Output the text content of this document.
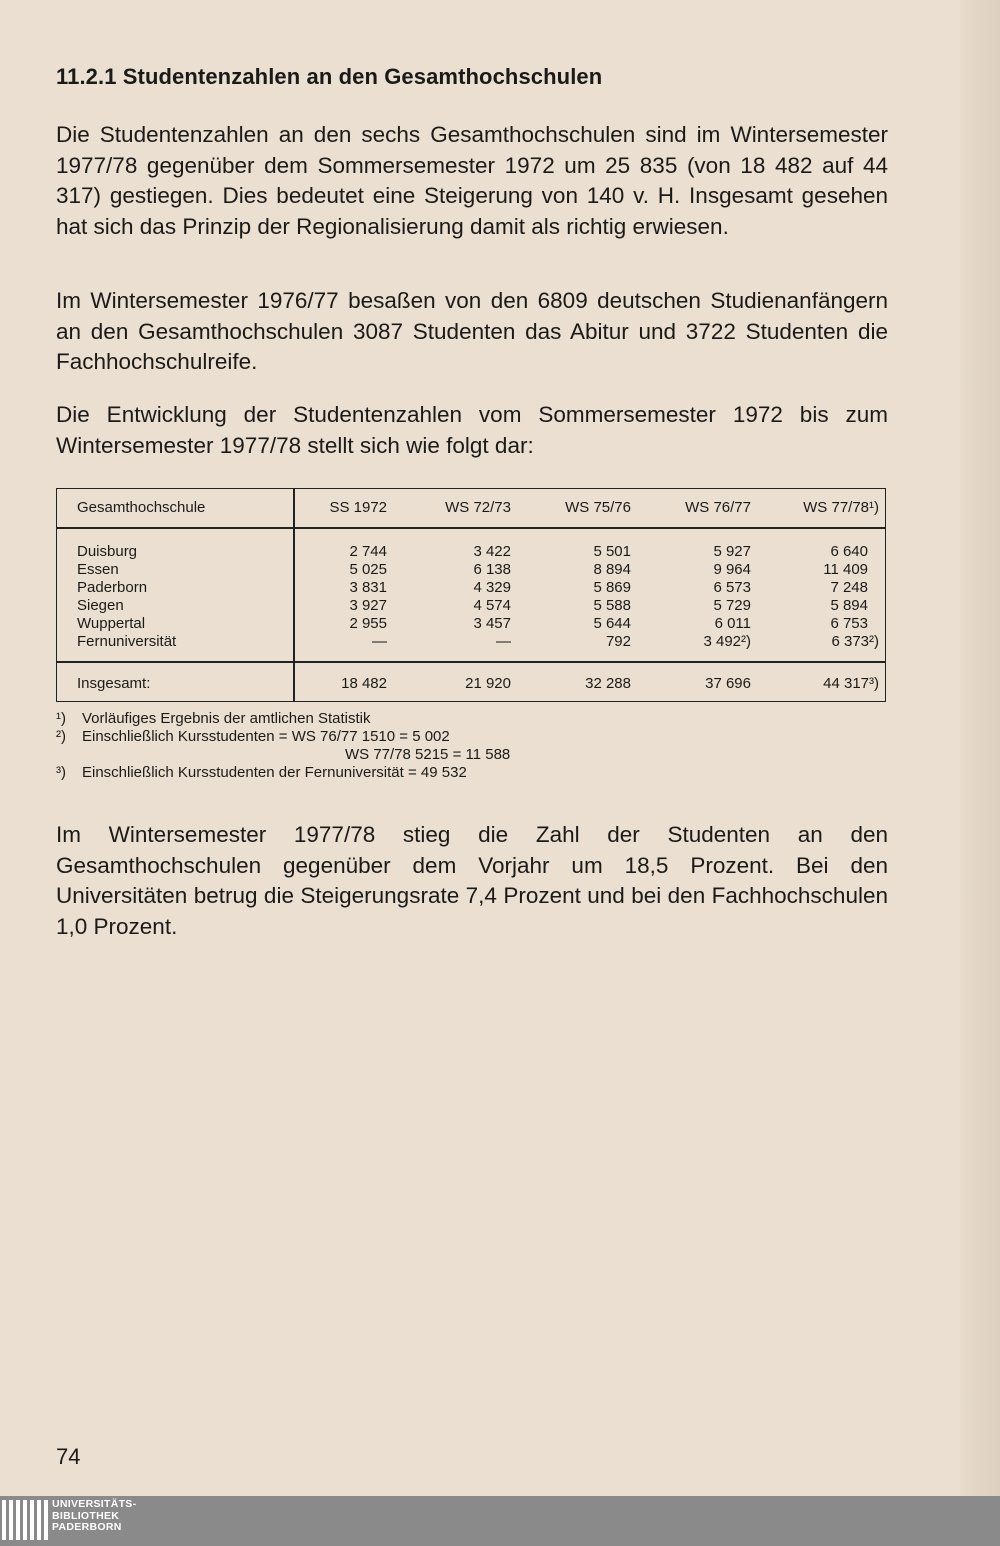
11.2.1 Studentenzahlen an den Gesamthochschulen

Die Studentenzahlen an den sechs Gesamthochschulen sind im Wintersemester 1977/78 gegenüber dem Sommersemester 1972 um 25 835 (von 18 482 auf 44 317) gestiegen. Dies bedeutet eine Steigerung von 140 v. H. Insgesamt gesehen hat sich das Prinzip der Regionalisierung damit als richtig erwiesen.

Im Wintersemester 1976/77 besaßen von den 6809 deutschen Studienanfängern an den Gesamthochschulen 3087 Studenten das Abitur und 3722 Studenten die Fachhochschulreife.

Die Entwicklung der Studentenzahlen vom Sommersemester 1972 bis zum Wintersemester 1977/78 stellt sich wie folgt dar:

Gesamthochschule	SS 1972	WS 72/73	WS 75/76	WS 76/77	WS 77/78¹)
Duisburg	2 744	3 422	5 501	5 927	6 640
Essen	5 025	6 138	8 894	9 964	11 409
Paderborn	3 831	4 329	5 869	6 573	7 248
Siegen	3 927	4 574	5 588	5 729	5 894
Wuppertal	2 955	3 457	5 644	6 011	6 753
Fernuniversität	—	—	792	3 492²)	6 373²)
Insgesamt:	18 482	21 920	32 288	37 696	44 317³)
¹) Vorläufiges Ergebnis der amtlichen Statistik
²) Einschließlich Kursstudenten = WS 76/77 1510 = 5 002
WS 77/78 5215 = 11 588
³) Einschließlich Kursstudenten der Fernuniversität = 49 532

Im Wintersemester 1977/78 stieg die Zahl der Studenten an den Gesamthochschulen gegenüber dem Vorjahr um 18,5 Prozent. Bei den Universitäten betrug die Steigerungsrate 7,4 Prozent und bei den Fachhochschulen 1,0 Prozent.

74
UNIVERSITÄTS-
BIBLIOTHEK
PADERBORN
